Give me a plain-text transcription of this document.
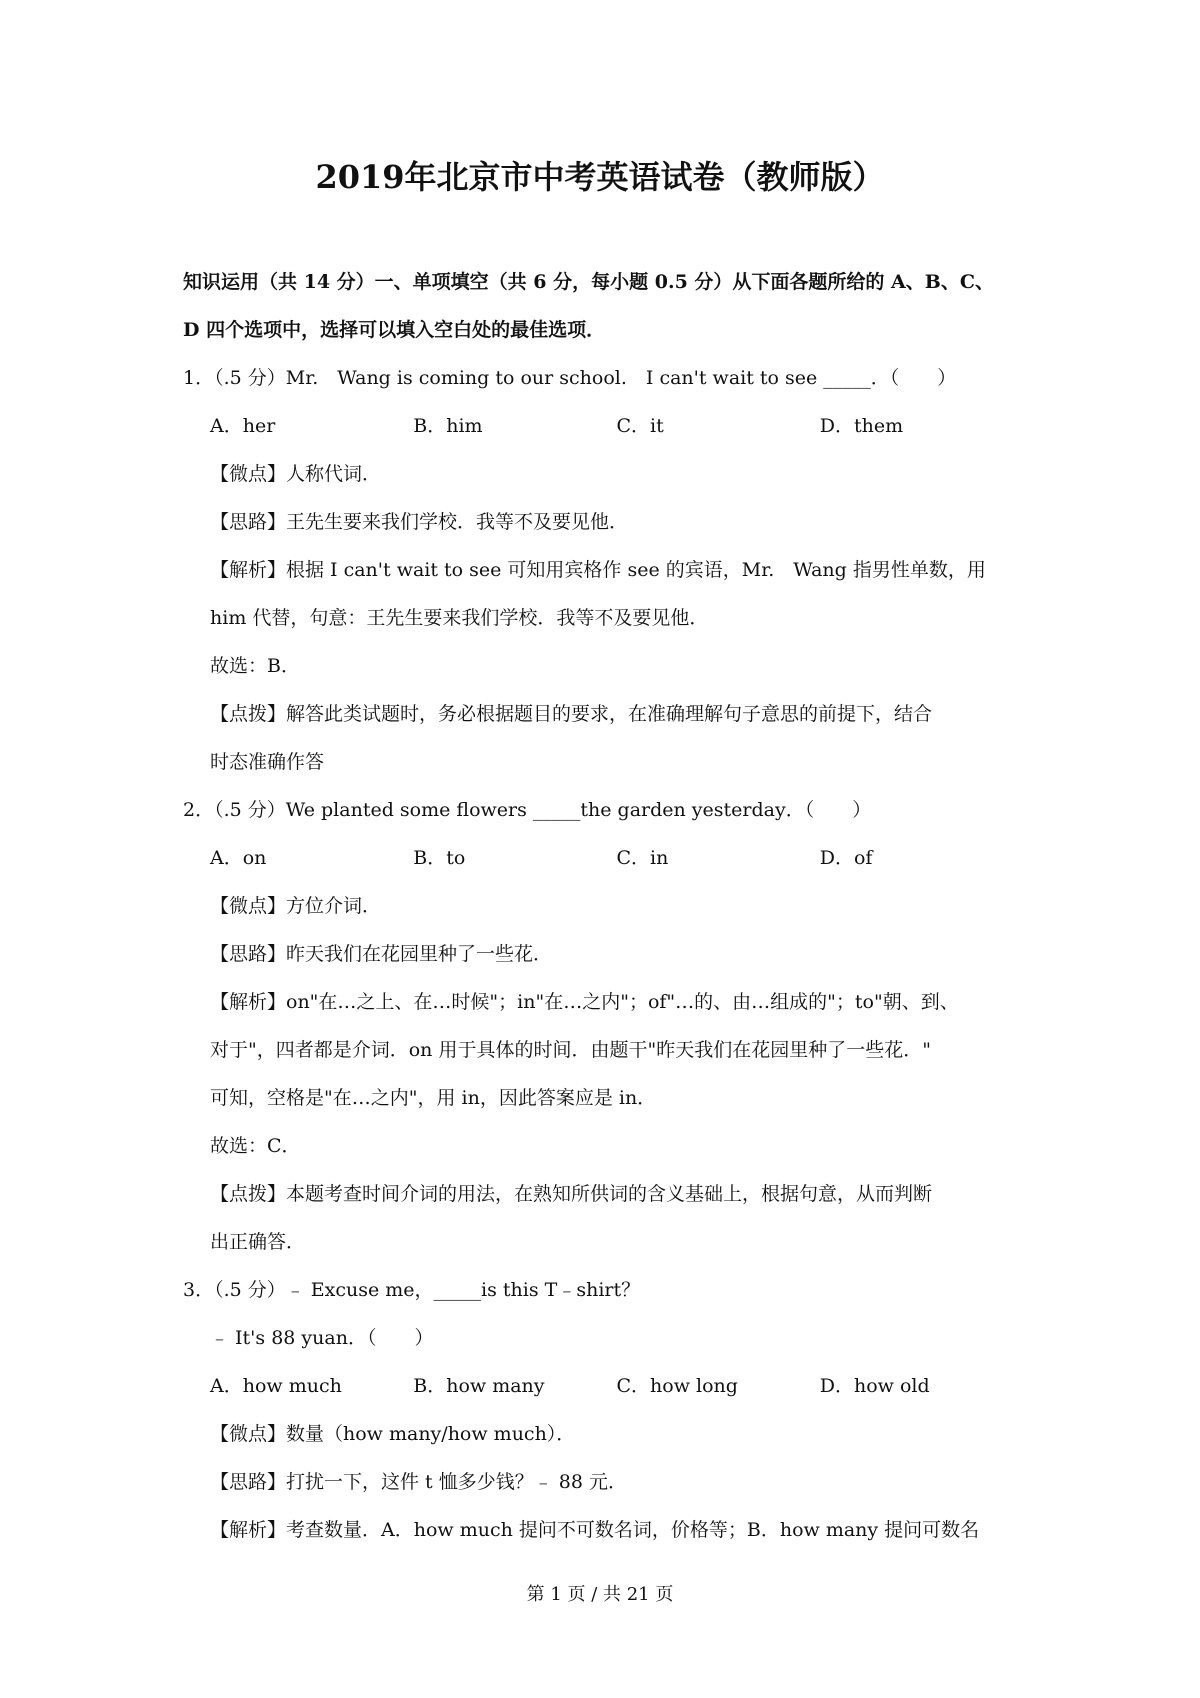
2019年北京市中考英语试卷（教师版）
知识运用（共 14 分）一、单项填空（共 6 分，每小题 0.5 分）从下面各题所给的 A、B、C、
D 四个选项中，选择可以填入空白处的最佳选项．
1．（.5 分）Mr.　Wang is coming to our school.　I can't wait to see _____．（　　）
A．her	B．him	C．it	D．them
【微点】人称代词．
【思路】王先生要来我们学校．我等不及要见他．
【解析】根据 I can't wait to see 可知用宾格作 see 的宾语，Mr.　Wang 指男性单数，用
him 代替，句意：王先生要来我们学校．我等不及要见他．
故选：B．
【点拨】解答此类试题时，务必根据题目的要求，在准确理解句子意思的前提下，结合
时态准确作答
2．（.5 分）We planted some flowers _____the garden yesterday．（　　）
A．on	B．to	C．in	D．of
【微点】方位介词．
【思路】昨天我们在花园里种了一些花．
【解析】on"在…之上、在…时候"；in"在…之内"；of"…的、由…组成的"；to"朝、到、
对于"，四者都是介词．on 用于具体的时间．由题干"昨天我们在花园里种了一些花．"
可知，空格是"在…之内"，用 in，因此答案应是 in．
故选：C．
【点拨】本题考查时间介词的用法，在熟知所供词的含义基础上，根据句意，从而判断
出正确答．
3．（.5 分）﹣ Excuse me，_____is this T﹣shirt？
﹣ It's 88 yuan．（　　）
A．how much	B．how many	C．how long	D．how old
【微点】数量（how many/how much）．
【思路】打扰一下，这件 t 恤多少钱？﹣ 88 元．
【解析】考查数量．A．how much 提问不可数名词，价格等；B．how many 提问可数名
第 1 页 / 共 21 页
